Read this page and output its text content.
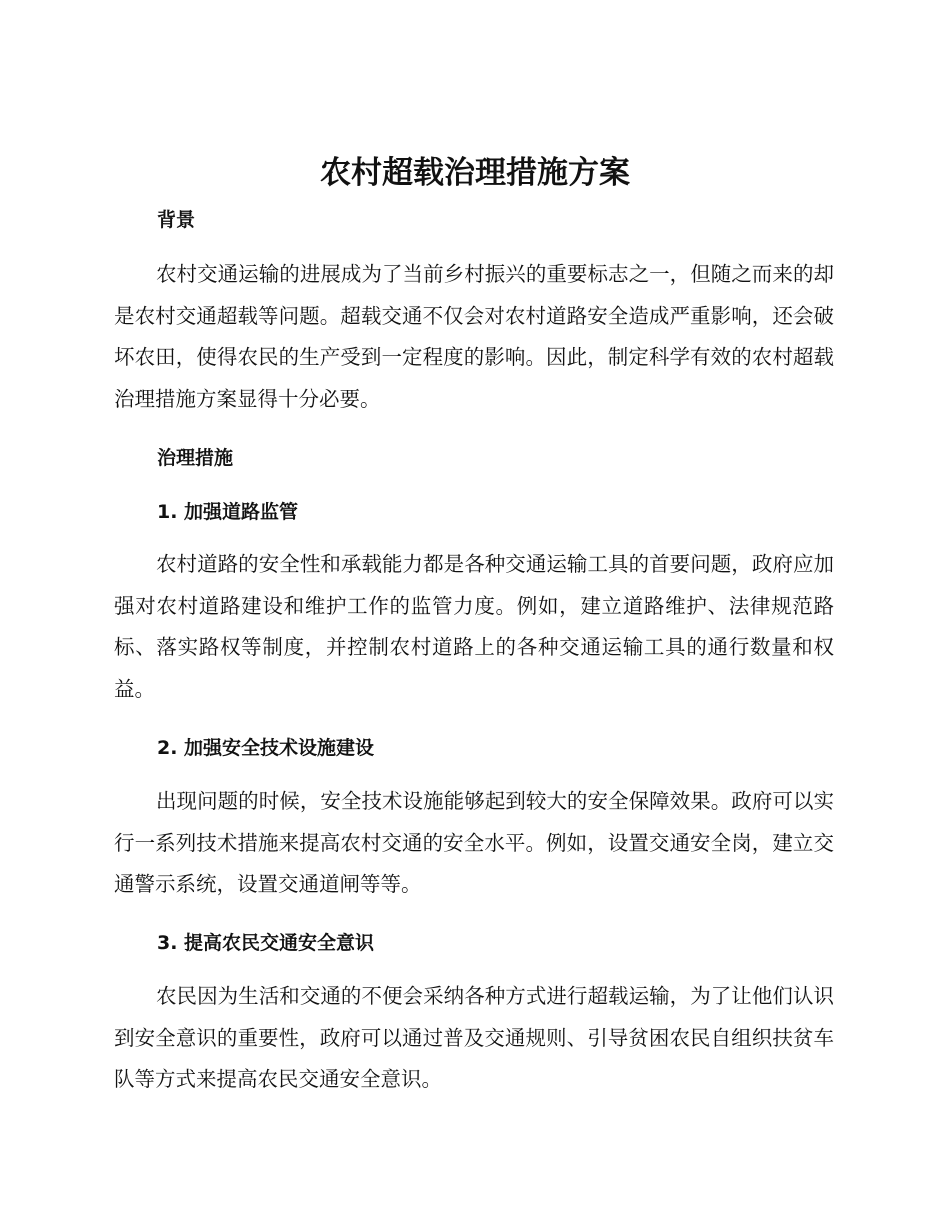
农村超载治理措施方案
背景

农村交通运输的进展成为了当前乡村振兴的重要标志之一，但随之而来的却是农村交通超载等问题。超载交通不仅会对农村道路安全造成严重影响，还会破坏农田，使得农民的生产受到一定程度的影响。因此，制定科学有效的农村超载治理措施方案显得十分必要。

治理措施
1. 加强道路监管

农村道路的安全性和承载能力都是各种交通运输工具的首要问题，政府应加强对农村道路建设和维护工作的监管力度。例如，建立道路维护、法律规范路标、落实路权等制度，并控制农村道路上的各种交通运输工具的通行数量和权益。

2. 加强安全技术设施建设

出现问题的时候，安全技术设施能够起到较大的安全保障效果。政府可以实行一系列技术措施来提高农村交通的安全水平。例如，设置交通安全岗，建立交通警示系统，设置交通道闸等等。

3. 提高农民交通安全意识

农民因为生活和交通的不便会采纳各种方式进行超载运输，为了让他们认识到安全意识的重要性，政府可以通过普及交通规则、引导贫困农民自组织扶贫车队等方式来提高农民交通安全意识。
